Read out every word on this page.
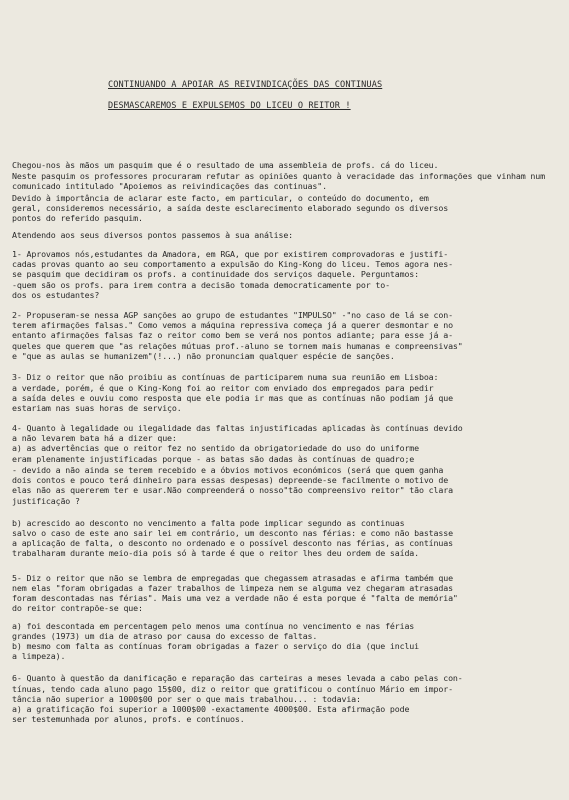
CONTINUANDO A APOIAR AS REIVINDICAÇÕES DAS CONTINUAS
DESMASCAREMOS E EXPULSEMOS DO LICEU O REITOR !
Chegou-nos às mãos um pasquim que é o resultado de uma assembleia de profs. cá do liceu.
Neste pasquim os professores procuraram refutar as opiniões quanto à veracidade das informações que vinham num
comunicado intitulado "Apoiemos as reivindicações das continuas".
Devido à importância de aclarar este facto, em particular, o conteúdo do documento, em
geral, consideremos necessário, a saída deste esclarecimento elaborado segundo os diversos
pontos do referido pasquim.
Atendendo aos seus diversos pontos passemos à sua análise:
1- Aprovamos nós,estudantes da Amadora, em RGA, que por existirem comprovadoras e justifi-
cadas provas quanto ao seu comportamento a expulsão do King-Kong do liceu. Temos agora nes-
se pasquim que decidiram os profs. a continuidade dos serviços daquele. Perguntamos:
-quem são os profs. para irem contra a decisão tomada democraticamente por to-
dos os estudantes?
2- Propuseram-se nessa AGP sanções ao grupo de estudantes "IMPULSO" -"no caso de lá se con-
terem afirmações falsas." Como vemos a máquina repressiva começa já a querer desmontar e no
entanto afirmações falsas faz o reitor como bem se verá nos pontos adiante; para esse já a-
queles que querem que "as relações mútuas prof.-aluno se tornem mais humanas e compreensivas"
e "que as aulas se humanizem"(!...) não pronunciam qualquer espécie de sanções.
3- Diz o reitor que não proibiu as contínuas de participarem numa sua reunião em Lisboa:
a verdade, porém, é que o King-Kong foi ao reitor com enviado dos empregados para pedir
a saída deles e ouviu como resposta que ele podia ir mas que as contínuas não podiam já que
estariam nas suas horas de serviço.
4- Quanto à legalidade ou ilegalidade das faltas injustificadas aplicadas às contínuas devido
a não levarem bata há a dizer que:
a) as advertências que o reitor fez no sentido da obrigatoriedade do uso do uniforme
eram plenamente injustificadas porque - as batas são dadas às contínuas de quadro;e
- devido a não ainda se terem recebido e a óbvios motivos económicos (será que quem ganha
dois contos e pouco terá dinheiro para essas despesas) depreende-se facilmente o motivo de
elas não as quererem ter e usar.Não compreenderá o nosso"tão compreensivo reitor" tão clara
justificação ?
b) acrescido ao desconto no vencimento a falta pode implicar segundo as continuas
salvo o caso de este ano sair lei em contrário, um desconto nas férias: e como não bastasse
a aplicação de falta, o desconto no ordenado e o possível desconto nas férias, as contínuas
trabalharam durante meio-dia pois só à tarde é que o reitor lhes deu ordem de saída.
5- Diz o reitor que não se lembra de empregadas que chegassem atrasadas e afirma também que
nem elas "foram obrigadas a fazer trabalhos de limpeza nem se alguma vez chegaram atrasadas
foram descontadas nas férias". Mais uma vez a verdade não é esta porque é "falta de memória"
do reitor contrapõe-se que:
a) foi descontada em percentagem pelo menos uma contínua no vencimento e nas férias
grandes (1973) um dia de atraso por causa do excesso de faltas.
b) mesmo com falta as contínuas foram obrigadas a fazer o serviço do dia (que inclui
a limpeza).
6- Quanto à questão da danificação e reparação das carteiras a meses levada a cabo pelas con-
tínuas, tendo cada aluno pago 15$00, diz o reitor que gratificou o contínuo Mário em impor-
tância não superior a 1000$00 por ser o que mais trabalhou... : todavia:
a) a gratificação foi superior a 1000$00 -exactamente 4000$00. Esta afirmação pode
ser testemunhada por alunos, profs. e contínuos.
